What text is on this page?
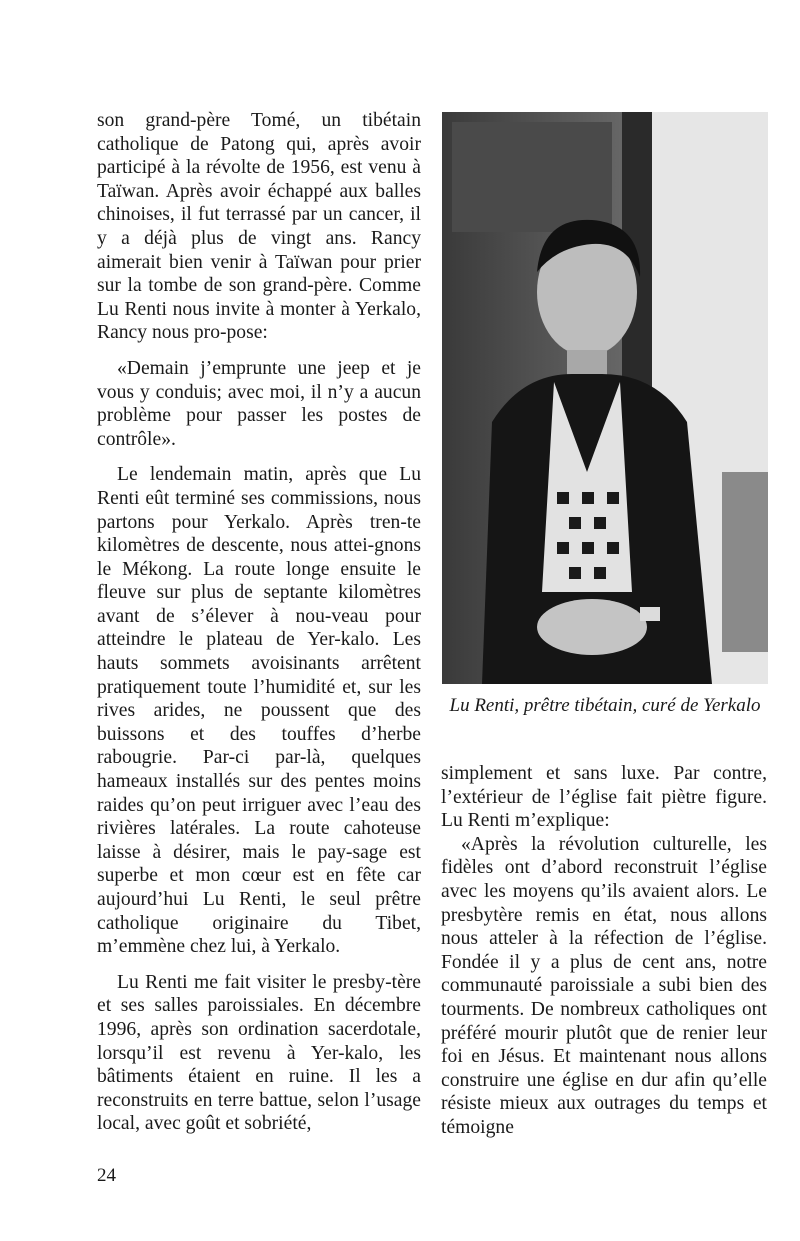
son grand-père Tomé, un tibétain catholique de Patong qui, après avoir participé à la révolte de 1956, est venu à Taïwan. Après avoir échappé aux balles chinoises, il fut terrassé par un cancer, il y a déjà plus de vingt ans. Rancy aimerait bien venir à Taïwan pour prier sur la tombe de son grand-père. Comme Lu Renti nous invite à monter à Yerkalo, Rancy nous pro-pose:

«Demain j’emprunte une jeep et je vous y conduis; avec moi, il n’y a aucun problème pour passer les postes de contrôle».

Le lendemain matin, après que Lu Renti eût terminé ses commissions, nous partons pour Yerkalo. Après tren-te kilomètres de descente, nous attei-gnons le Mékong. La route longe ensuite le fleuve sur plus de septante kilomètres avant de s’élever à nou-veau pour atteindre le plateau de Yer-kalo. Les hauts sommets avoisinants arrêtent pratiquement toute l’humidité et, sur les rives arides, ne poussent que des buissons et des touffes d’herbe rabougrie. Par-ci par-là, quelques hameaux installés sur des pentes moins raides qu’on peut irriguer avec l’eau des rivières latérales. La route cahoteuse laisse à désirer, mais le pay-sage est superbe et mon cœur est en fête car aujourd’hui Lu Renti, le seul prêtre catholique originaire du Tibet, m’emmène chez lui, à Yerkalo.

Lu Renti me fait visiter le presby-tère et ses salles paroissiales. En décembre 1996, après son ordination sacerdotale, lorsqu’il est revenu à Yer-kalo, les bâtiments étaient en ruine. Il les a reconstruits en terre battue, selon l’usage local, avec goût et sobriété,

Lu Renti, prêtre tibétain, curé de Yerkalo

simplement et sans luxe. Par contre, l’extérieur de l’église fait piètre figure. Lu Renti m’explique:

«Après la révolution culturelle, les fidèles ont d’abord reconstruit l’église avec les moyens qu’ils avaient alors. Le presbytère remis en état, nous allons nous atteler à la réfection de l’église. Fondée il y a plus de cent ans, notre communauté paroissiale a subi bien des tourments. De nombreux catholiques ont préféré mourir plutôt que de renier leur foi en Jésus. Et maintenant nous allons construire une église en dur afin qu’elle résiste mieux aux outrages du temps et témoigne

24
